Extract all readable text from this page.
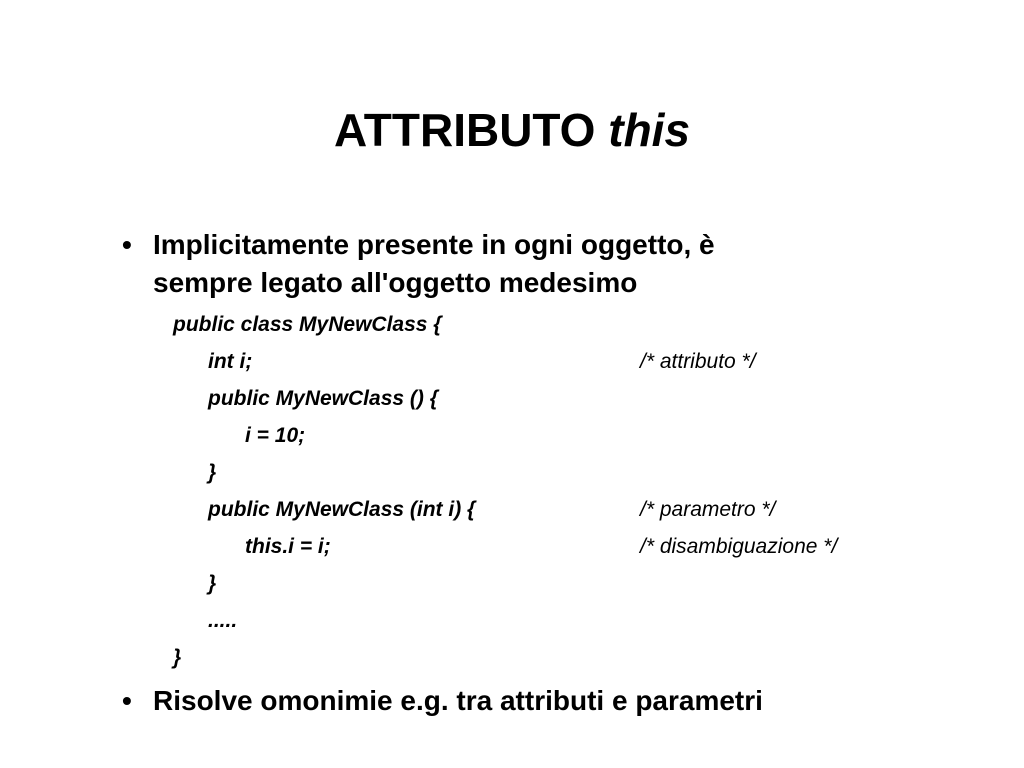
ATTRIBUTO this
• Implicitamente presente in ogni oggetto, è
sempre legato all'oggetto medesimo
public class MyNewClass {
int i;	/* attributo */
public MyNewClass () {
i = 10;
}
public MyNewClass (int i) {	/* parametro */
this.i = i;	/* disambiguazione */
}
.....
}
• Risolve omonimie e.g. tra attributi e parametri
